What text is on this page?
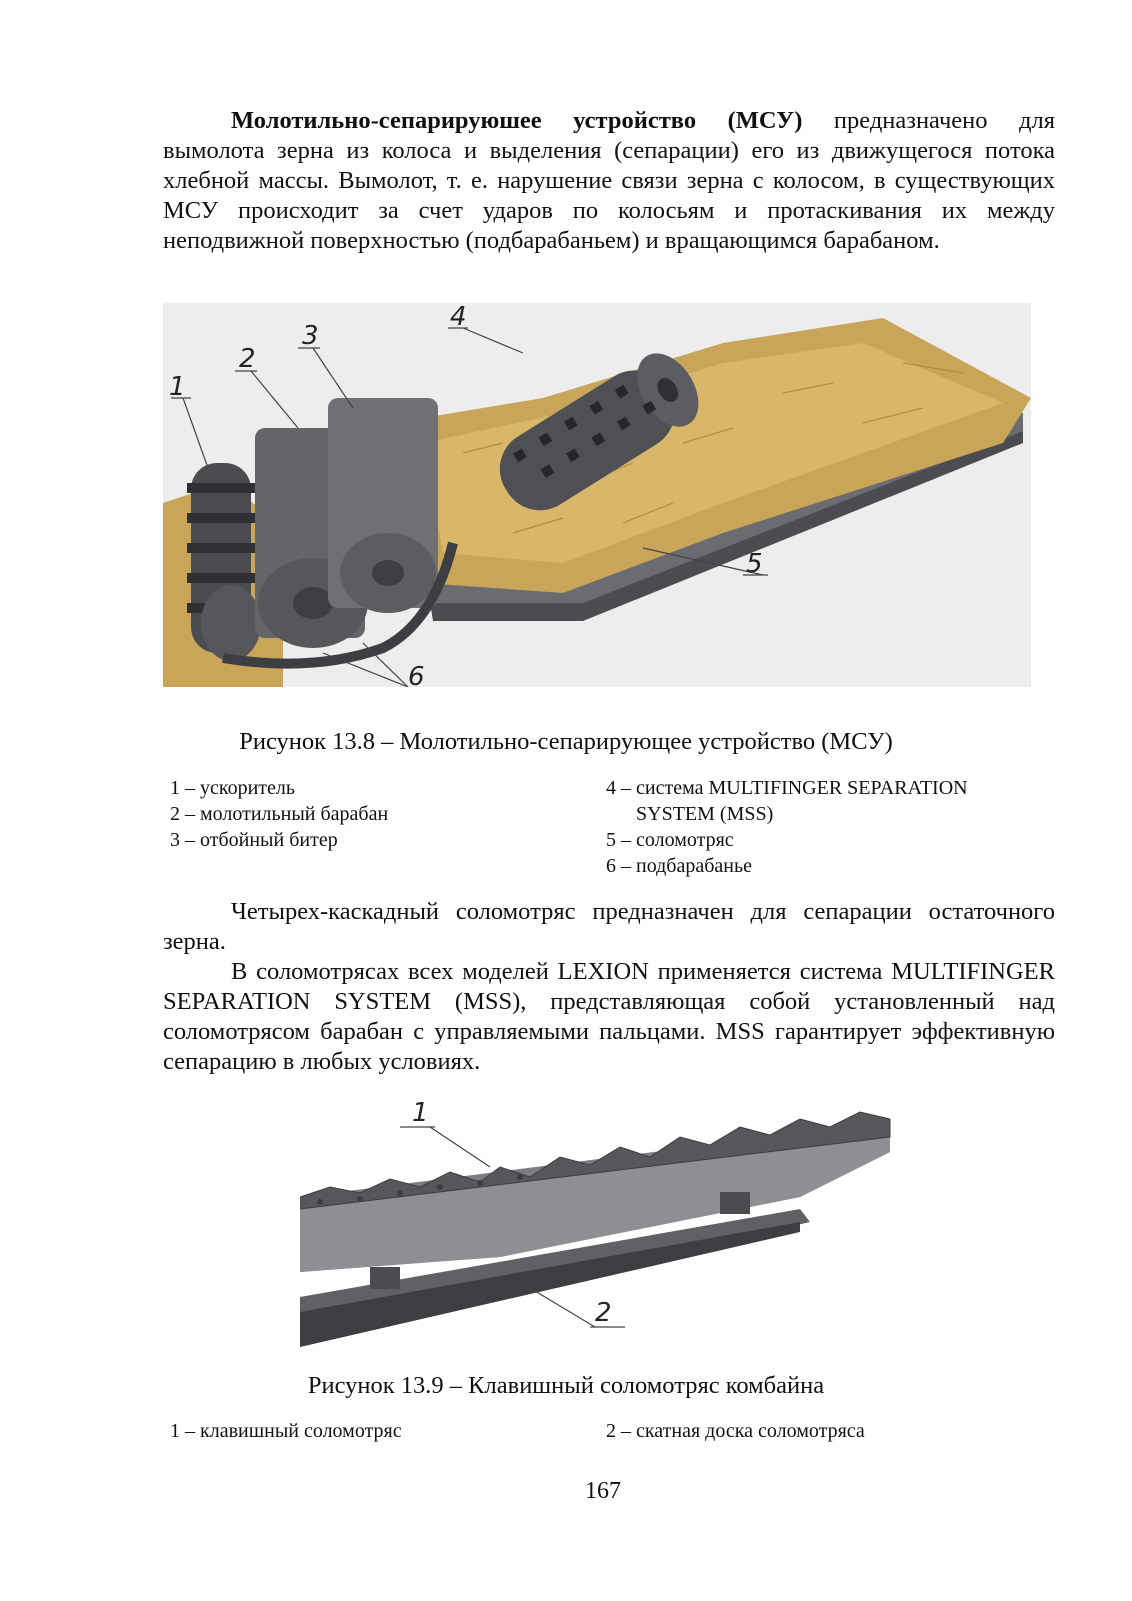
Молотильно-сепарируюшее устройство (МСУ) предназначено для вымолота зерна из колоса и выделения (сепарации) его из движущегося потока хлебной массы. Вымолот, т. е. нарушение связи зерна с колосом, в существующих МСУ происходит за счет ударов по колосьям и протаскивания их между неподвижной поверхностью (подбарабаньем) и вращающимся барабаном.

1
2
3
4
5
6
Рисунок 13.8 – Молотильно-сепарирующее устройство (МСУ)
1 – ускоритель
2 – молотильный барабан
3 – отбойный битер
4 – система MULTIFINGER SEPARATION
SYSTEM (MSS)
5 – соломотряс
6 – подбарабанье

Четырех-каскадный соломотряс предназначен для сепарации остаточного зерна.

В соломотрясах всех моделей LEXION применяется система MULTIFINGER SEPARATION SYSTEM (MSS), представляющая собой установленный над соломотрясом барабан с управляемыми пальцами. MSS гарантирует эффективную сепарацию в любых условиях.

1
2
Рисунок 13.9 – Клавишный соломотряс комбайна
1 – клавишный соломотряс	2 – скатная доска соломотряса
167
